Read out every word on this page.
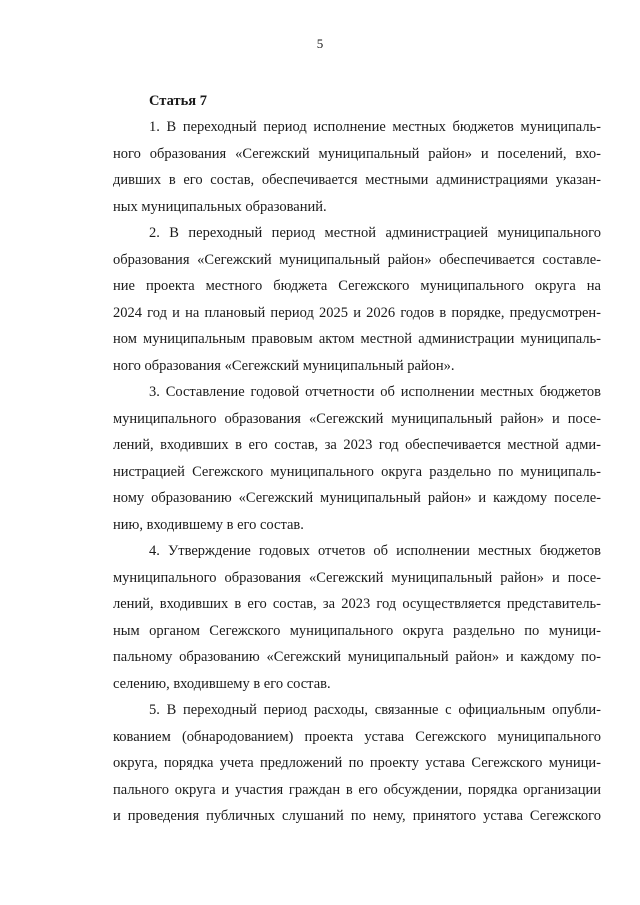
5
Статья 7
1. В переходный период исполнение местных бюджетов муниципаль-
ного образования «Сегежский муниципальный район» и поселений, вхо-
дивших в его состав, обеспечивается местными администрациями указан-
ных муниципальных образований.
2. В переходный период местной администрацией муниципального
образования «Сегежский муниципальный район» обеспечивается составле-
ние проекта местного бюджета Сегежского муниципального округа на
2024 год и на плановый период 2025 и 2026 годов в порядке, предусмотрен-
ном муниципальным правовым актом местной администрации муниципаль-
ного образования «Сегежский муниципальный район».
3. Составление годовой отчетности об исполнении местных бюджетов
муниципального образования «Сегежский муниципальный район» и посе-
лений, входивших в его состав, за 2023 год обеспечивается местной адми-
нистрацией Сегежского муниципального округа раздельно по муниципаль-
ному образованию «Сегежский муниципальный район» и каждому поселе-
нию, входившему в его состав.
4. Утверждение годовых отчетов об исполнении местных бюджетов
муниципального образования «Сегежский муниципальный район» и посе-
лений, входивших в его состав, за 2023 год осуществляется представитель-
ным органом Сегежского муниципального округа раздельно по муници-
пальному образованию «Сегежский муниципальный район» и каждому по-
селению, входившему в его состав.
5. В переходный период расходы, связанные с официальным опубли-
кованием (обнародованием) проекта устава Сегежского муниципального
округа, порядка учета предложений по проекту устава Сегежского муници-
пального округа и участия граждан в его обсуждении, порядка организации
и проведения публичных слушаний по нему, принятого устава Сегежского
